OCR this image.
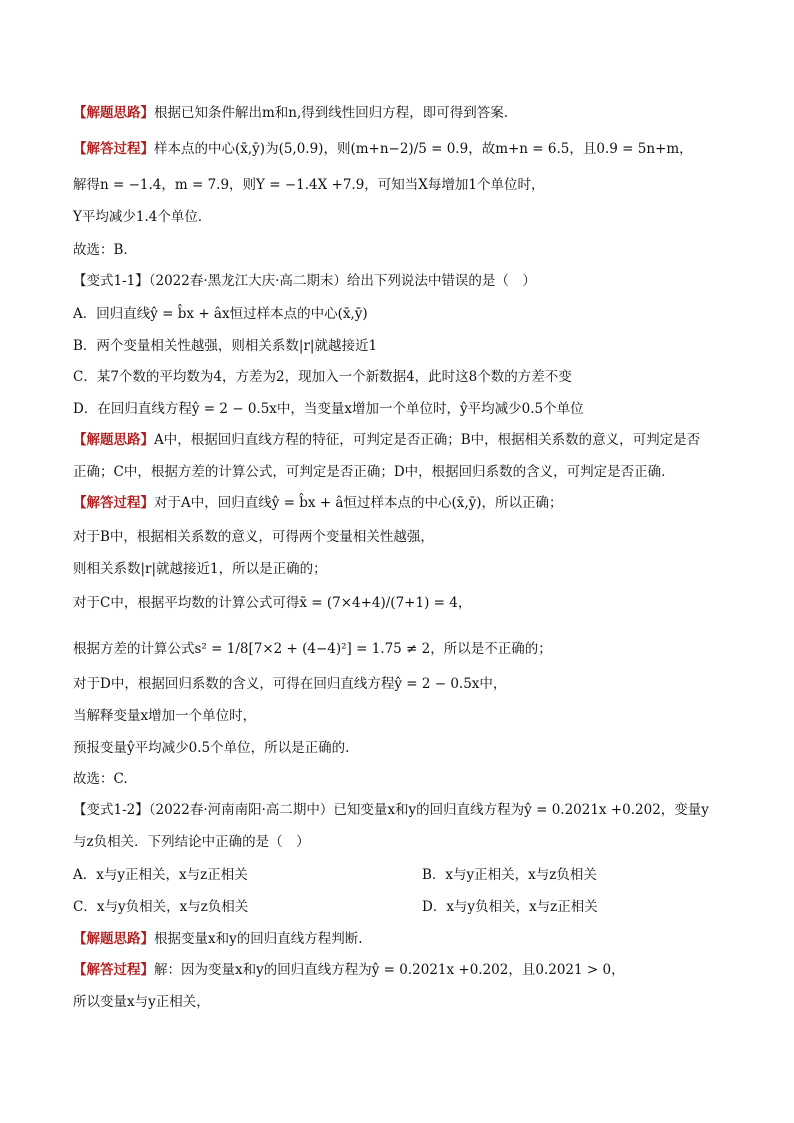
【解题思路】根据已知条件解出m和n,得到线性回归方程，即可得到答案.
【解答过程】样本点的中心(x̄,ȳ)为(5,0.9)，则(m+n−2)/5 = 0.9，故m+n = 6.5，且0.9 = 5n+m，
解得n = −1.4，m = 7.9，则Y = −1.4X +7.9，可知当X每增加1个单位时，
Y平均减少1.4个单位．
故选：B．
【变式1-1】（2022春·黑龙江大庆·高二期末）给出下列说法中错误的是（　）
A．回归直线ŷ = b̂x + âx恒过样本点的中心(x̄,ȳ)
B．两个变量相关性越强，则相关系数|r|就越接近1
C．某7个数的平均数为4，方差为2，现加入一个新数据4，此时这8个数的方差不变
D．在回归直线方程ŷ = 2 − 0.5x中，当变量x增加一个单位时，ŷ平均减少0.5个单位
【解题思路】A中，根据回归直线方程的特征，可判定是否正确；B中，根据相关系数的意义，可判定是否
正确；C中，根据方差的计算公式，可判定是否正确；D中，根据回归系数的含义，可判定是否正确.
【解答过程】对于A中，回归直线ŷ = b̂x + â恒过样本点的中心(x̄,ȳ)，所以正确；
对于B中，根据相关系数的意义，可得两个变量相关性越强，
则相关系数|r|就越接近1，所以是正确的；
对于C中，根据平均数的计算公式可得x̄ = (7×4+4)/(7+1) = 4，
根据方差的计算公式s² = 1/8[7×2 + (4−4)²] = 1.75 ≠ 2，所以是不正确的；
对于D中，根据回归系数的含义，可得在回归直线方程ŷ = 2 − 0.5x中，
当解释变量x增加一个单位时，
预报变量ŷ平均减少0.5个单位，所以是正确的.
故选：C.
【变式1-2】（2022春·河南南阳·高二期中）已知变量x和y的回归直线方程为ŷ = 0.2021x +0.202，变量y
与z负相关．下列结论中正确的是（　）
A．x与y正相关，x与z正相关	B．x与y正相关，x与z负相关
C．x与y负相关，x与z负相关	D．x与y负相关，x与z正相关
【解题思路】根据变量x和y的回归直线方程判断.
【解答过程】解：因为变量x和y的回归直线方程为ŷ = 0.2021x +0.202，且0.2021 > 0，
所以变量x与y正相关，
